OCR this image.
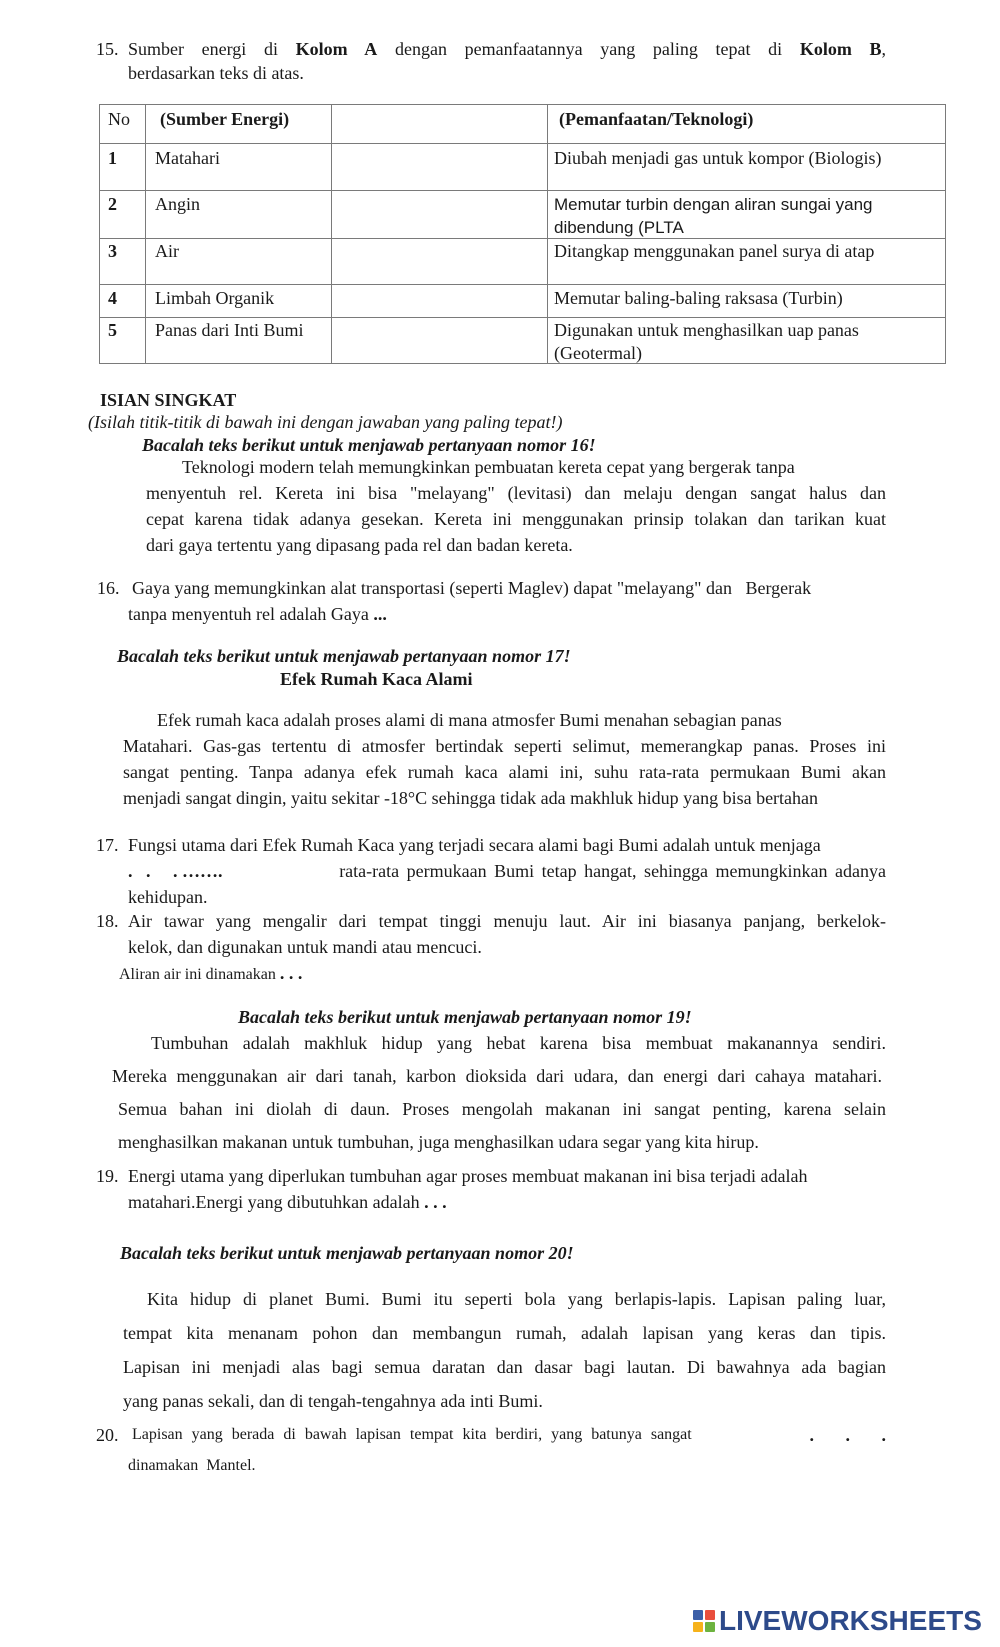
15. Sumber energi di Kolom A dengan pemanfaatannya yang paling tepat di Kolom B,
berdasarkan teks di atas.
No (Sumber Energi)	(Pemanfaatan/Teknologi)
1 Matahari	Diubah menjadi gas untuk kompor (Biologis)
2 Angin	Memutar turbin dengan aliran sungai yang dibendung (PLTA
3 Air	Ditangkap menggunakan panel surya di atap
4 Limbah Organik	Memutar baling-baling raksasa (Turbin)
5 Panas dari Inti Bumi	Digunakan untuk menghasilkan uap panas (Geotermal)
ISIAN SINGKAT
(Isilah titik-titik di bawah ini dengan jawaban yang paling tepat!)
Bacalah teks berikut untuk menjawab pertanyaan nomor 16!
Teknologi modern telah memungkinkan pembuatan kereta cepat yang bergerak tanpa
menyentuh rel. Kereta ini bisa "melayang" (levitasi) dan melaju dengan sangat halus dan
cepat karena tidak adanya gesekan. Kereta ini menggunakan prinsip tolakan dan tarikan kuat
dari gaya tertentu yang dipasang pada rel dan badan kereta.
16. Gaya yang memungkinkan alat transportasi (seperti Maglev) dapat "melayang" dan   Bergerak
tanpa menyentuh rel adalah Gaya ...
Bacalah teks berikut untuk menjawab pertanyaan nomor 17!
Efek Rumah Kaca Alami
Efek rumah kaca adalah proses alami di mana atmosfer Bumi menahan sebagian panas
Matahari. Gas-gas tertentu di atmosfer bertindak seperti selimut, memerangkap panas. Proses ini
sangat penting. Tanpa adanya efek rumah kaca alami ini, suhu rata-rata permukaan Bumi akan
menjadi sangat dingin, yaitu sekitar -18°C sehingga tidak ada makhluk hidup yang bisa bertahan
17. Fungsi utama dari Efek Rumah Kaca yang terjadi secara alami bagi Bumi adalah untuk menjaga
.   .     . …….	rata-rata permukaan Bumi tetap hangat, sehingga memungkinkan adanya
kehidupan.
18. Air tawar yang mengalir dari tempat tinggi menuju laut. Air ini biasanya panjang, berkelok-
kelok, dan digunakan untuk mandi atau mencuci.
Aliran air ini dinamakan . . .
Bacalah teks berikut untuk menjawab pertanyaan nomor 19!
Tumbuhan adalah makhluk hidup yang hebat karena bisa membuat makanannya sendiri.
Mereka menggunakan air dari tanah, karbon dioksida dari udara, dan energi dari cahaya matahari.
Semua bahan ini diolah di daun. Proses mengolah makanan ini sangat penting, karena selain
menghasilkan makanan untuk tumbuhan, juga menghasilkan udara segar yang kita hirup.
19. Energi utama yang diperlukan tumbuhan agar proses membuat makanan ini bisa terjadi adalah
matahari.Energi yang dibutuhkan adalah . . .
Bacalah teks berikut untuk menjawab pertanyaan nomor 20!
Kita hidup di planet Bumi. Bumi itu seperti bola yang berlapis-lapis. Lapisan paling luar,
tempat kita menanam pohon dan membangun rumah, adalah lapisan yang keras dan tipis.
Lapisan ini menjadi alas bagi semua daratan dan dasar bagi lautan. Di bawahnya ada bagian
yang panas sekali, dan di tengah-tengahnya ada inti Bumi.
20. Lapisan yang berada di bawah lapisan tempat kita berdiri, yang batunya sangat	.       .       .
dinamakan  Mantel.
LIVEWORKSHEETS
